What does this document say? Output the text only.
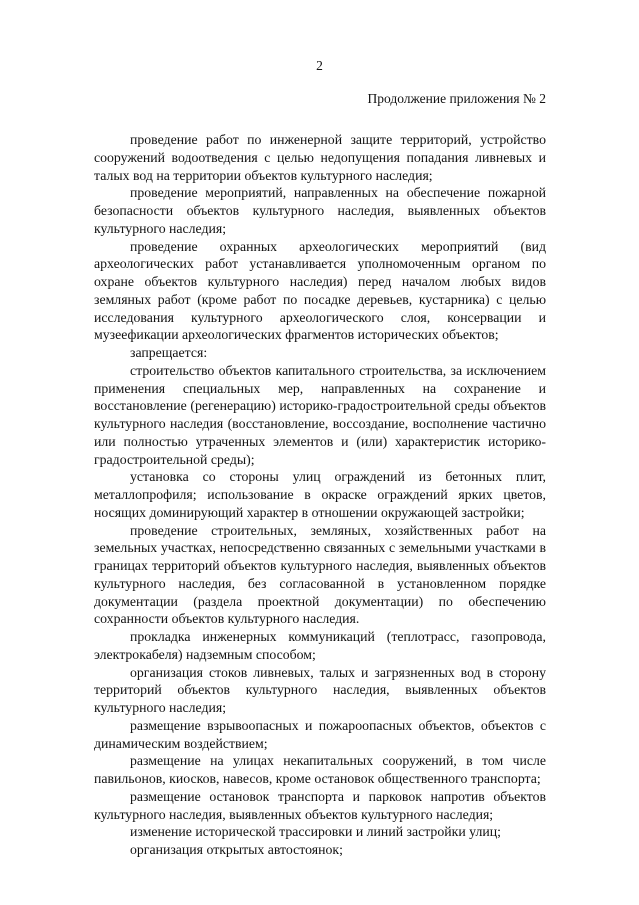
2
Продолжение приложения № 2

проведение работ по инженерной защите территорий, устройство сооружений водоотведения с целью недопущения попадания ливневых и талых вод на территории объектов культурного наследия;

проведение мероприятий, направленных на обеспечение пожарной безопасности объектов культурного наследия, выявленных объектов культурного наследия;

проведение охранных археологических мероприятий (вид археологических работ устанавливается уполномоченным органом по охране объектов культурного наследия) перед началом любых видов земляных работ (кроме работ по посадке деревьев, кустарника) с целью исследования культурного археологического слоя, консервации и музеефикации археологических фрагментов исторических объектов;

запрещается:

строительство объектов капитального строительства, за исключением применения специальных мер, направленных на сохранение и восстановление (регенерацию) историко-градостроительной среды объектов культурного наследия (восстановление, воссоздание, восполнение частично или полностью утраченных элементов и (или) характеристик историко-градостроительной среды);

установка со стороны улиц ограждений из бетонных плит, металлопрофиля; использование в окраске ограждений ярких цветов, носящих доминирующий характер в отношении окружающей застройки;

проведение строительных, земляных, хозяйственных работ на земельных участках, непосредственно связанных с земельными участками в границах территорий объектов культурного наследия, выявленных объектов культурного наследия, без согласованной в установленном порядке документации (раздела проектной документации) по обеспечению сохранности объектов культурного наследия.

прокладка инженерных коммуникаций (теплотрасс, газопровода, электрокабеля) надземным способом;

организация стоков ливневых, талых и загрязненных вод в сторону территорий объектов культурного наследия, выявленных объектов культурного наследия;

размещение взрывоопасных и пожароопасных объектов, объектов с динамическим воздействием;

размещение на улицах некапитальных сооружений, в том числе павильонов, киосков, навесов, кроме остановок общественного транспорта;

размещение остановок транспорта и парковок напротив объектов культурного наследия, выявленных объектов культурного наследия;

изменение исторической трассировки и линий застройки улиц;

организация открытых автостоянок;
